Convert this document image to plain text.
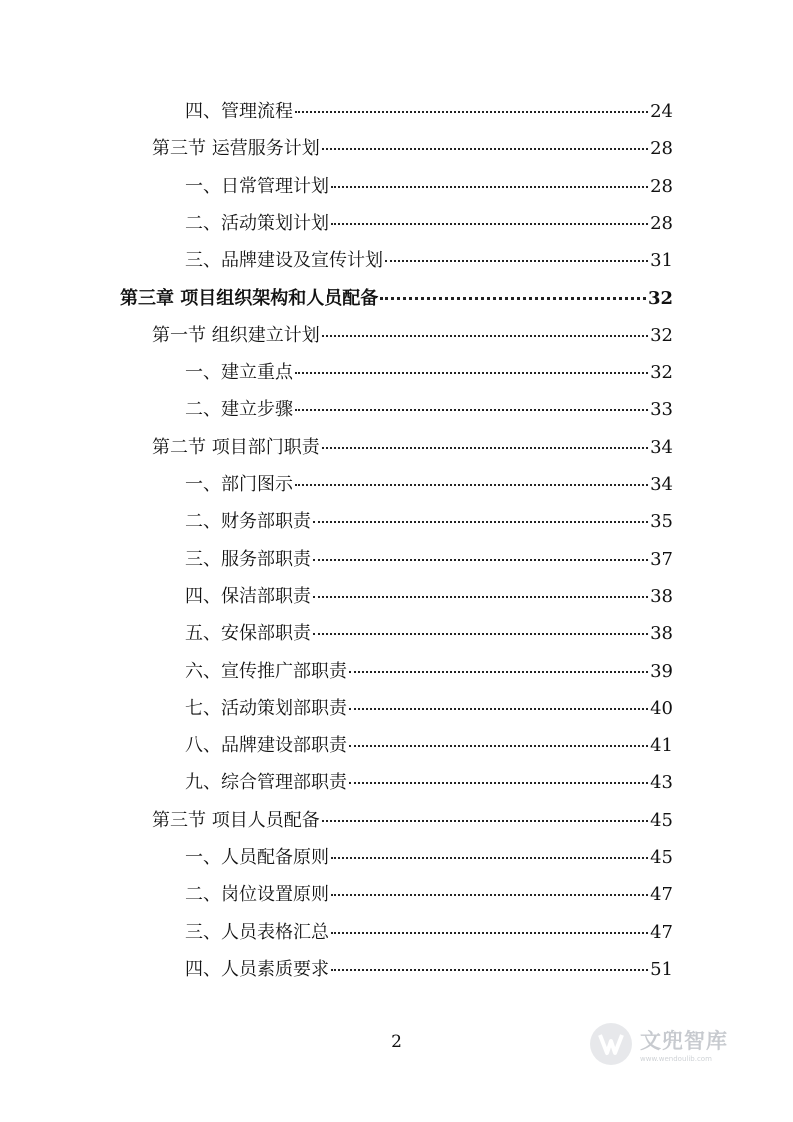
四、管理流程	24
第三节 运营服务计划	28
一、日常管理计划	28
二、活动策划计划	28
三、品牌建设及宣传计划	31
第三章 项目组织架构和人员配备	32
第一节 组织建立计划	32
一、建立重点	32
二、建立步骤	33
第二节 项目部门职责	34
一、部门图示	34
二、财务部职责	35
三、服务部职责	37
四、保洁部职责	38
五、安保部职责	38
六、宣传推广部职责	39
七、活动策划部职责	40
八、品牌建设部职责	41
九、综合管理部职责	43
第三节 项目人员配备	45
一、人员配备原则	45
二、岗位设置原则	47
三、人员表格汇总	47
四、人员素质要求	51
2	文兜智库
www.wendoulib.com
